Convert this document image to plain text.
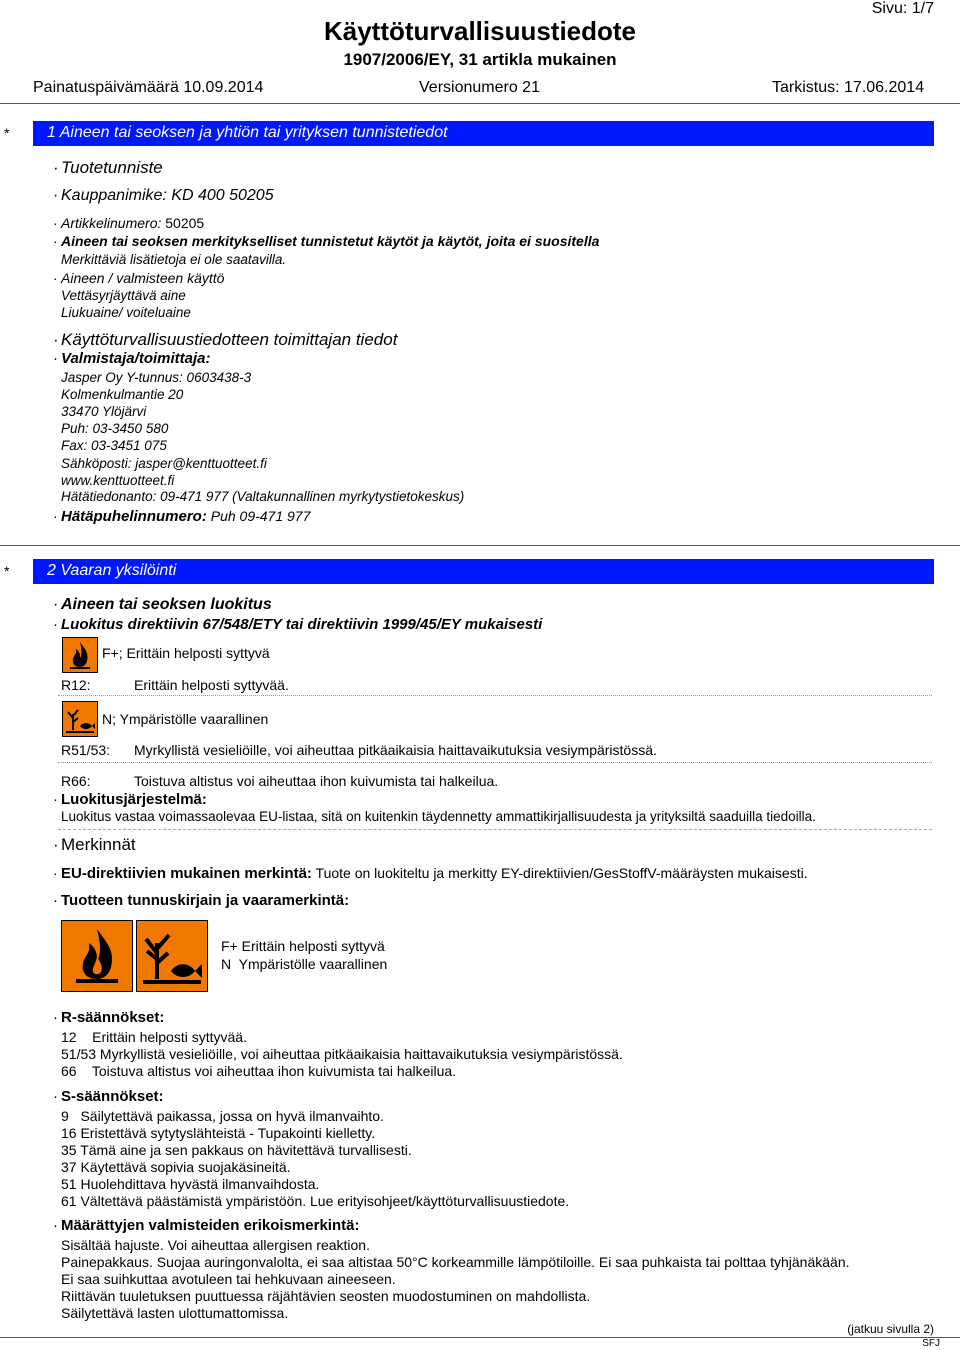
Sivu: 1/7
Käyttöturvallisuustiedote
1907/2006/EY, 31 artikla mukainen
Painatuspäivämäärä 10.09.2014	Versionumero 21	Tarkistus: 17.06.2014
* 1 Aineen tai seoksen ja yhtiön tai yrityksen tunnistetiedot
· Tuotetunniste
· Kauppanimike: KD 400 50205
· Artikkelinumero: 50205
· Aineen tai seoksen merkitykselliset tunnistetut käytöt ja käytöt, joita ei suositella
Merkittäviä lisätietoja ei ole saatavilla.
· Aineen / valmisteen käyttö
Vettäsyrjäyttävä aine
Liukuaine/ voiteluaine
· Käyttöturvallisuustiedotteen toimittajan tiedot
· Valmistaja/toimittaja:
Jasper Oy Y-tunnus: 0603438-3
Kolmenkulmantie 20
33470 Ylöjärvi
Puh: 03-3450 580
Fax: 03-3451 075
Sähköposti: jasper@kenttuotteet.fi
www.kenttuotteet.fi
Hätätiedonanto: 09-471 977 (Valtakunnallinen myrkytystietokeskus)
· Hätäpuhelinnumero: Puh 09-471 977
* 2 Vaaran yksilöinti
· Aineen tai seoksen luokitus
· Luokitus direktiivin 67/548/ETY tai direktiivin 1999/45/EY mukaisesti
F+; Erittäin helposti syttyvä
R12:	Erittäin helposti syttyvää.
N; Ympäristölle vaarallinen
R51/53: Myrkyllistä vesieliöille, voi aiheuttaa pitkäaikaisia haittavaikutuksia vesiympäristössä.
R66:	Toistuva altistus voi aiheuttaa ihon kuivumista tai halkeilua.
· Luokitusjärjestelmä:
Luokitus vastaa voimassaolevaa EU-listaa, sitä on kuitenkin täydennetty ammattikirjallisuudesta ja yrityksiltä saaduilla tiedoilla.
· Merkinnät
· EU-direktiivien mukainen merkintä: Tuote on luokiteltu ja merkitty EY-direktiivien/GesStoffV-määräysten mukaisesti.
· Tuotteen tunnuskirjain ja vaaramerkintä:
F+ Erittäin helposti syttyvä
N  Ympäristölle vaarallinen
· R-säännökset:
12    Erittäin helposti syttyvää.
51/53 Myrkyllistä vesieliöille, voi aiheuttaa pitkäaikaisia haittavaikutuksia vesiympäristössä.
66    Toistuva altistus voi aiheuttaa ihon kuivumista tai halkeilua.
· S-säännökset:
9   Säilytettävä paikassa, jossa on hyvä ilmanvaihto.
16 Eristettävä sytytyslähteistä - Tupakointi kielletty.
35 Tämä aine ja sen pakkaus on hävitettävä turvallisesti.
37 Käytettävä sopivia suojakäsineitä.
51 Huolehdittava hyvästä ilmanvaihdosta.
61 Vältettävä päästämistä ympäristöön. Lue erityisohjeet/käyttöturvallisuustiedote.
· Määrättyjen valmisteiden erikoismerkintä:
Sisältää hajuste. Voi aiheuttaa allergisen reaktion.
Painepakkaus. Suojaa auringonvalolta, ei saa altistaa 50°C korkeammille lämpötiloille. Ei saa puhkaista tai polttaa tyhjänäkään.
Ei saa suihkuttaa avotuleen tai hehkuvaan aineeseen.
Riittävän tuuletuksen puuttuessa räjähtävien seosten muodostuminen on mahdollista.
Säilytettävä lasten ulottumattomissa.
(jatkuu sivulla 2)
SFJ
